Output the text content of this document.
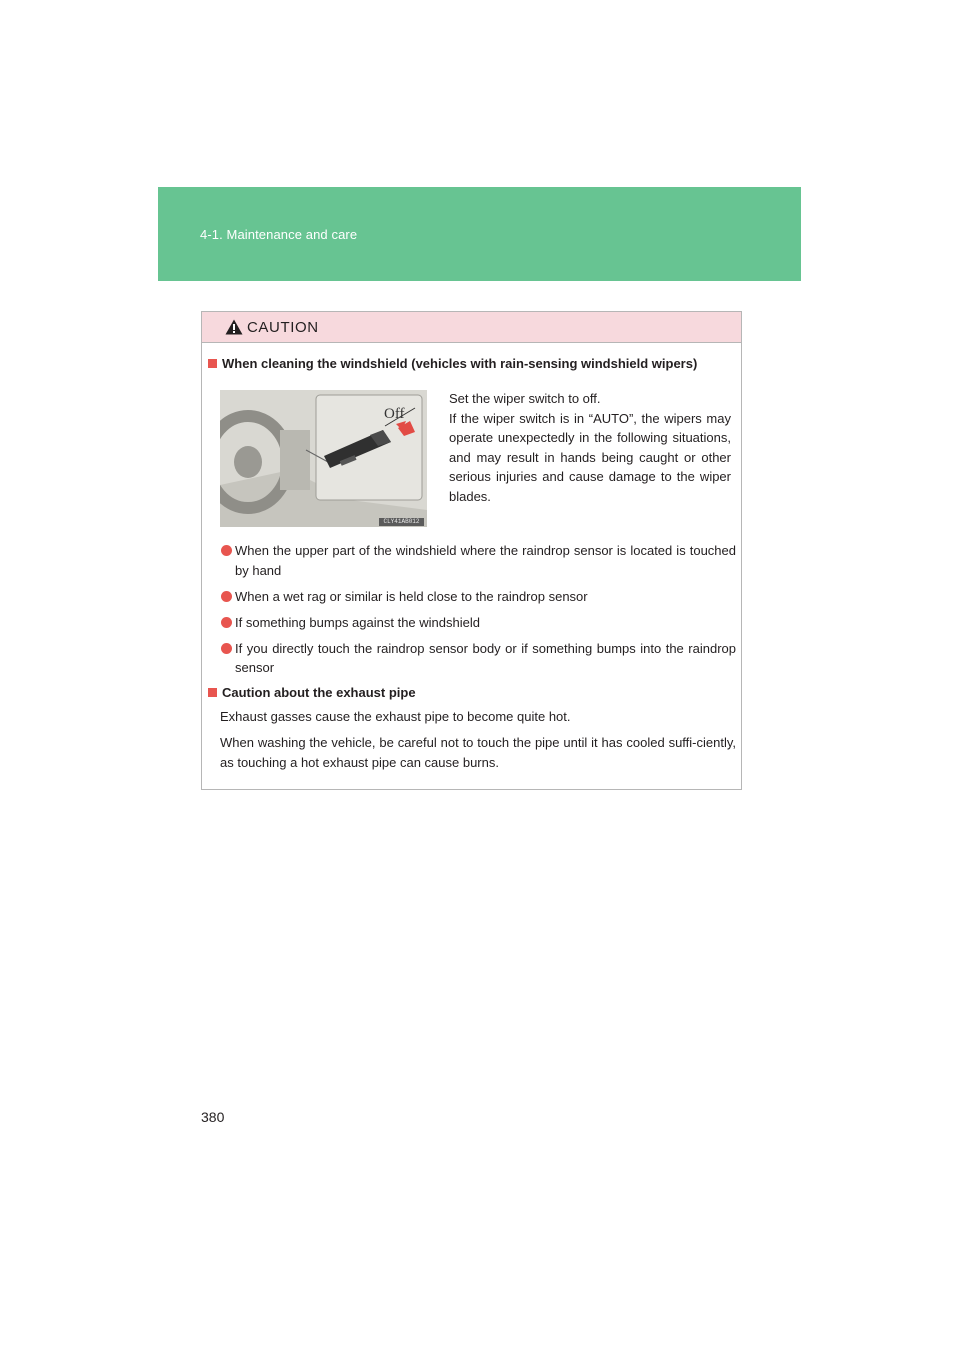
4-1. Maintenance and care
CAUTION
When cleaning the windshield (vehicles with rain-sensing windshield wipers)
Off
CLY41AB012

Set the wiper switch to off.

If the wiper switch is in “AUTO”, the wipers may operate unexpectedly in the following situations, and may result in hands being caught or other serious injuries and cause damage to the wiper blades.

When the upper part of the windshield where the raindrop sensor is located is touched by hand
When a wet rag or similar is held close to the raindrop sensor
If something bumps against the windshield
If you directly touch the raindrop sensor body or if something bumps into the raindrop sensor
Caution about the exhaust pipe

Exhaust gasses cause the exhaust pipe to become quite hot.

When washing the vehicle, be careful not to touch the pipe until it has cooled suffi-ciently, as touching a hot exhaust pipe can cause burns.

380
